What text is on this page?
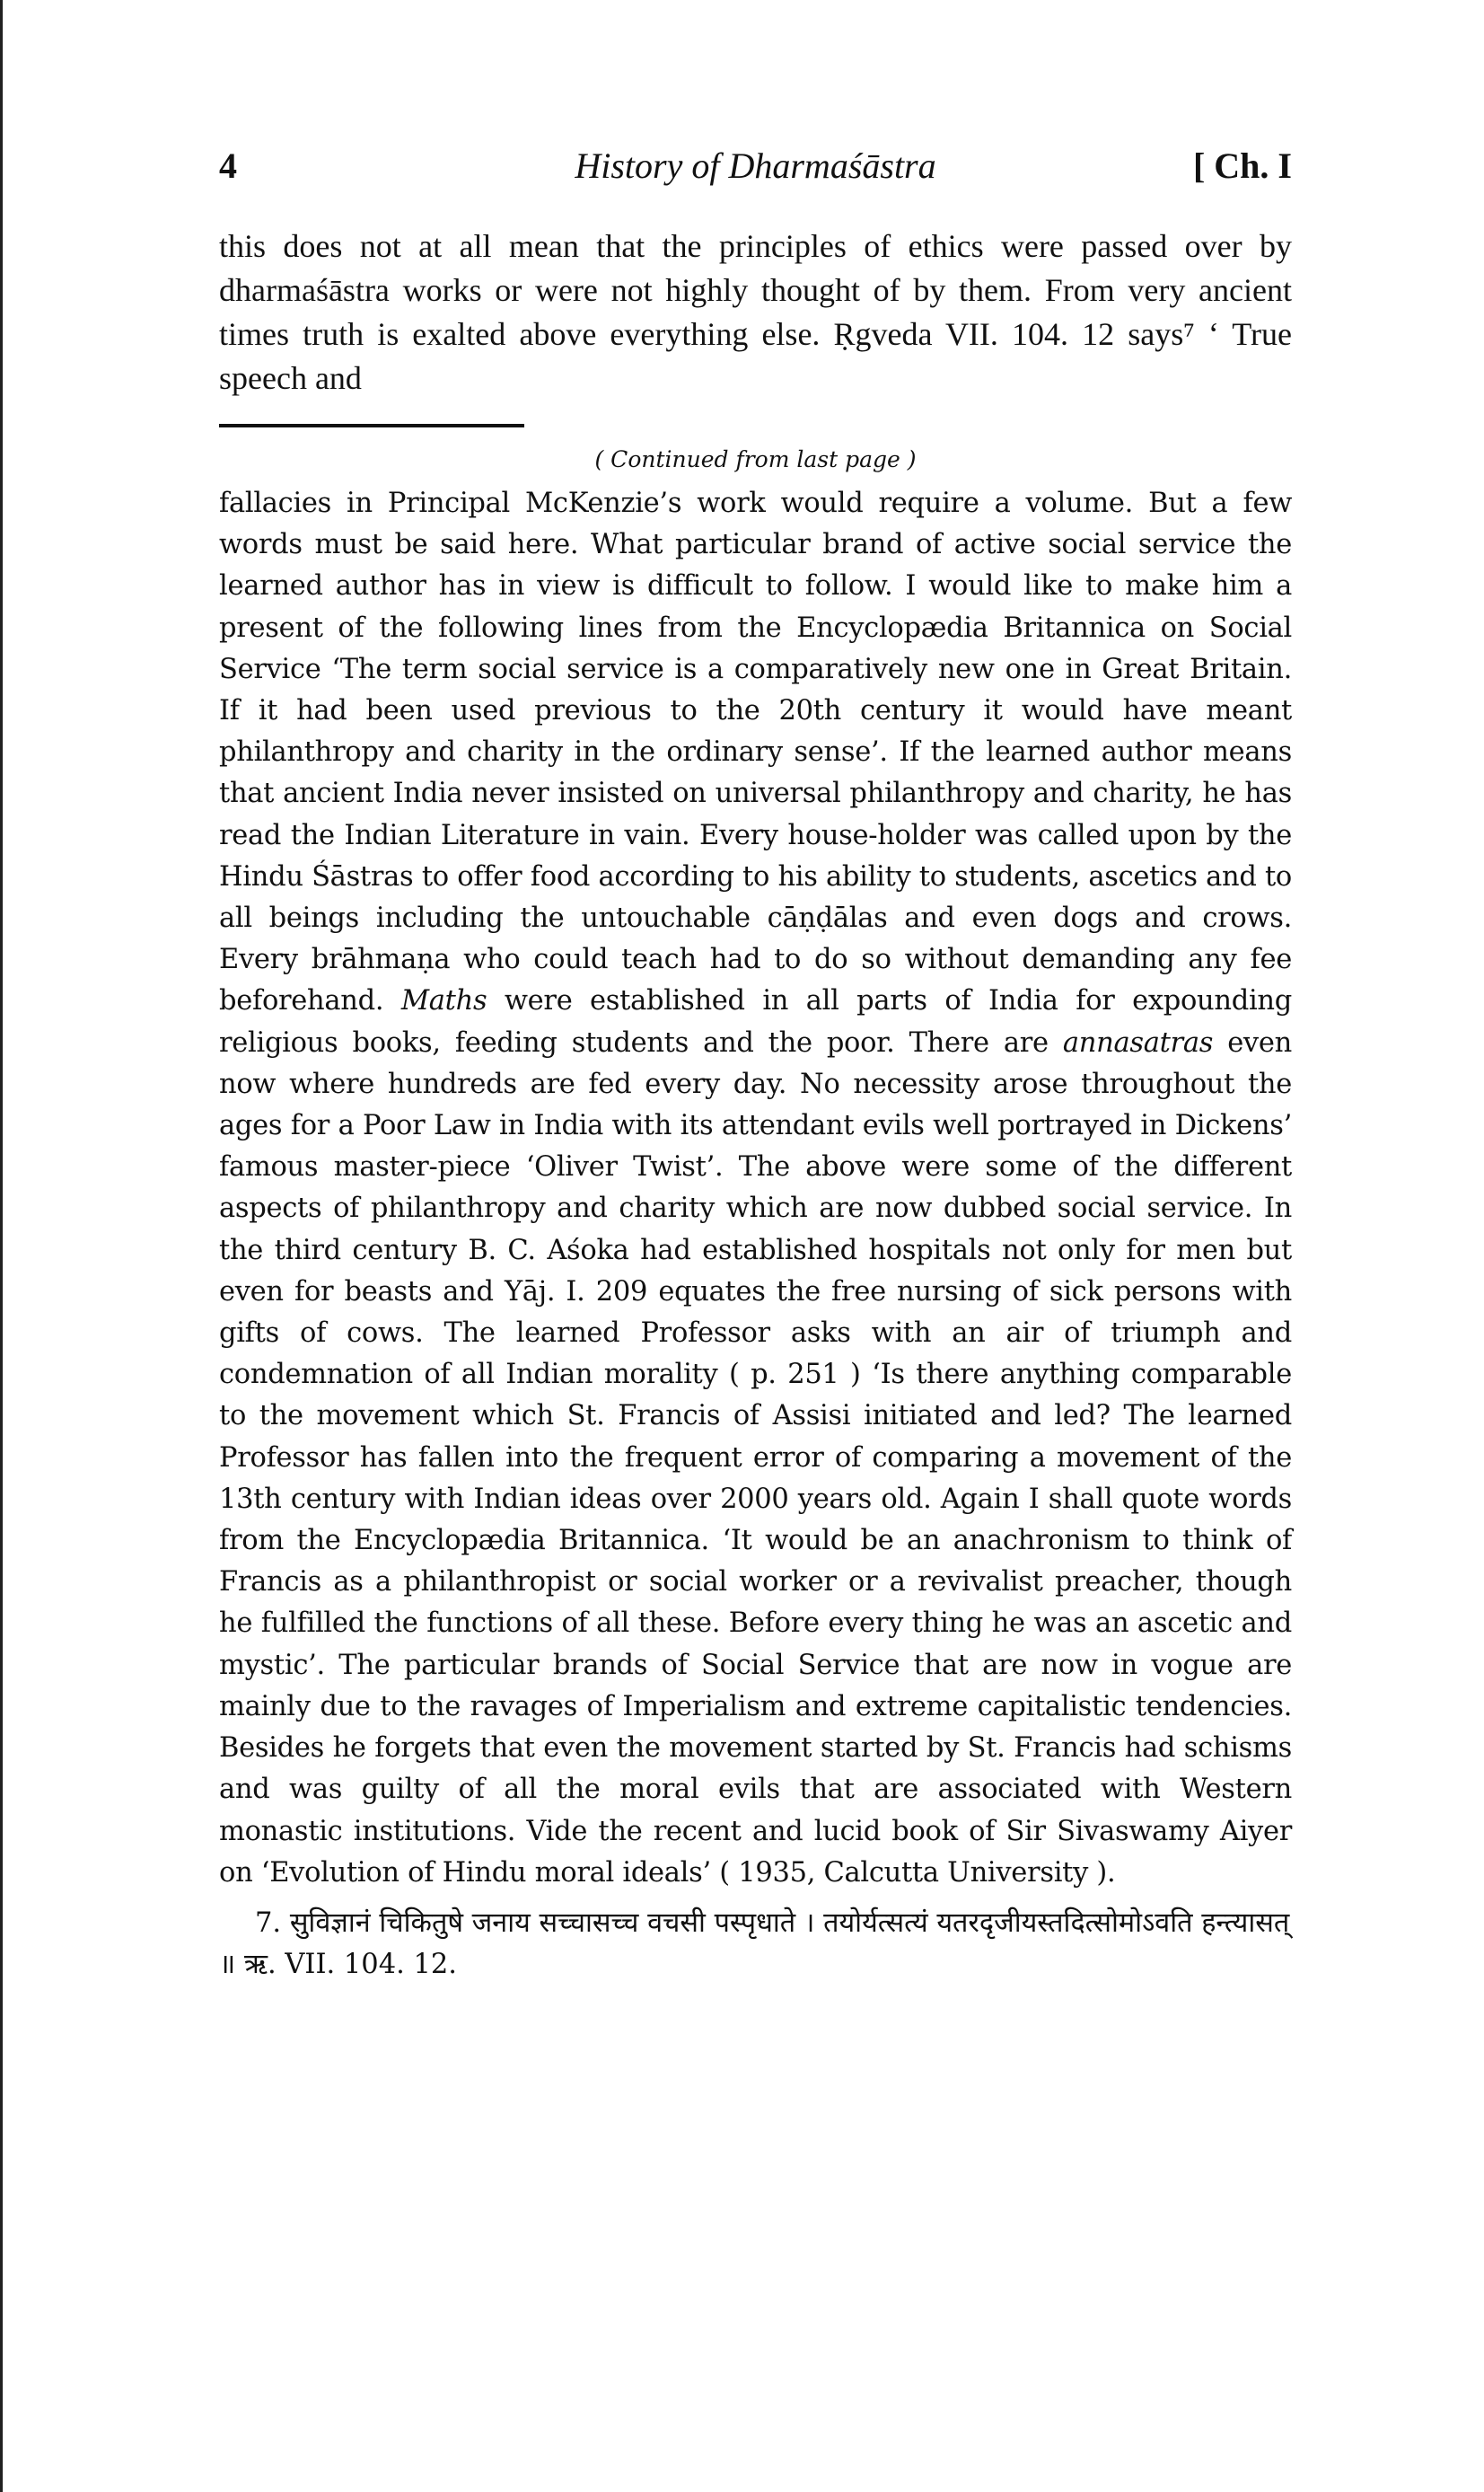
4	History of Dharmaśāstra	[ Ch. I
this does not at all mean that the principles of ethics were passed over by dharmaśāstra works or were not highly thought of by them. From very ancient times truth is exalted above everything else. Ṛgveda VII. 104. 12 says⁷ ‘ True speech and
( Continued from last page )
fallacies in Principal McKenzie’s work would require a volume. But a few words must be said here. What particular brand of active social service the learned author has in view is difficult to follow. I would like to make him a present of the following lines from the Encyclopædia Britannica on Social Service ‘The term social service is a comparatively new one in Great Britain. If it had been used previous to the 20th century it would have meant philanthropy and charity in the ordinary sense’. If the learned author means that ancient India never insisted on universal philanthropy and charity, he has read the Indian Literature in vain. Every house-holder was called upon by the Hindu Śāstras to offer food according to his ability to students, ascetics and to all beings including the untouchable cāṇḍālas and even dogs and crows. Every brāhmaṇa who could teach had to do so without demanding any fee beforehand. Maths were established in all parts of India for expounding religious books, feeding students and the poor. There are annasatras even now where hundreds are fed every day. No necessity arose throughout the ages for a Poor Law in India with its attendant evils well portrayed in Dickens’ famous master-piece ‘Oliver Twist’. The above were some of the different aspects of philanthropy and charity which are now dubbed social service. In the third century B. C. Aśoka had established hospitals not only for men but even for beasts and Yāj. I. 209 equates the free nursing of sick persons with gifts of cows. The learned Professor asks with an air of triumph and condemnation of all Indian morality ( p. 251 ) ‘Is there anything comparable to the movement which St. Francis of Assisi initiated and led? The learned Professor has fallen into the frequent error of comparing a movement of the 13th century with Indian ideas over 2000 years old. Again I shall quote words from the Encyclopædia Britannica. ‘It would be an anachronism to think of Francis as a philanthropist or social worker or a revivalist preacher, though he fulfilled the functions of all these. Before every thing he was an ascetic and mystic’. The particular brands of Social Service that are now in vogue are mainly due to the ravages of Imperialism and extreme capitalistic tendencies. Besides he forgets that even the movement started by St. Francis had schisms and was guilty of all the moral evils that are associated with Western monastic institutions. Vide the recent and lucid book of Sir Sivaswamy Aiyer on ‘Evolution of Hindu moral ideals’ ( 1935, Calcutta University ).
7. सुविज्ञानं चिकितुषे जनाय सच्चासच्च वचसी पस्पृधाते । तयोर्यत्सत्यं यतरदृजीयस्तदित्सोमोऽवति हन्त्यासत् ॥ ऋ. VII. 104. 12.
